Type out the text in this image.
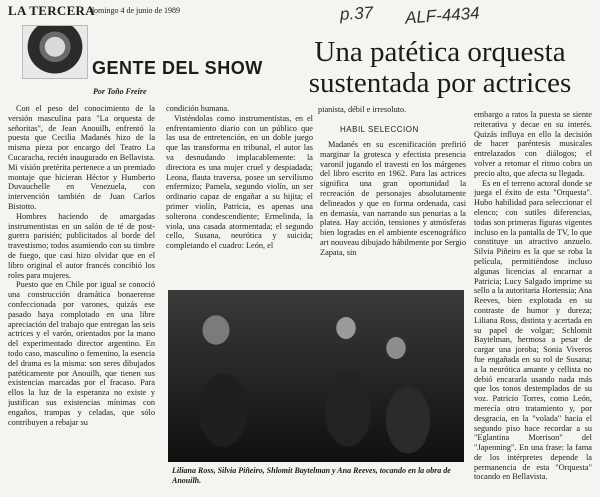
LA TERCERA
domingo 4 de junio de 1989	p.37 ALF-4434
GENTE DEL SHOW
Por Toño Freire
Una patética orquesta
sustentada por actrices

Con el peso del conocimiento de la versión masculina para "La orquesta de señoritas", de Jean Anouilh, enfrentó la puesta que Cecilia Madanés hizo de la misma pieza por encargo del Teatro La Cucaracha, recién inaugurado en Bellavista. Mi visión pretérita pertenece a un premiado montaje que hicieran Héctor y Humberto Duvauchelle en Venezuela, con intervención también de Juan Carlos Bistotto.

Hombres haciendo de amargadas instrumentistas en un salón de té de post-guerra parisién; publicitados al borde del travestismo; todos asumiendo con su timbre de fuego, que casi hizo olvidar que en el libro original el autor francés concibió los roles para mujeres.

Puesto que en Chile por igual se conoció una construcción dramática bonaerense confeccionada por varones, quizás ese pasado haya complotado en una libre apreciación del trabajo que entregan las seis actrices y el varón, orientados por la mano del experimentado director argentino. En todo caso, masculino o femenino, la esencia del drama es la misma: son seres dibujados patéticamente por Anouilh, que tienen sus existencias marcadas por el fracaso. Para ellos la luz de la esperanza no existe y justifican sus existencias mínimas con engaños, trampas y celadas, que sólo contribuyen a rebajar su

condición humana.

Visténdolas como instrumentistas, en el enfrentamiento diario con un público que las usa de entretención, en un doble juego que las transforma en tribunal, el autor las va desnudando implacablemente: la directora es una mujer cruel y despiadada; Leona, flauta traversa, posee un servilismo enfermizo; Pamela, segundo violín, un ser ordinario capaz de engañar a su hijita; el primer violín, Patricia, es apenas una solterona condescendiente; Ermelinda, la viola, una casada atormentada; el segundo cello, Susana, neurótica y suicida; completando el cuadro: León, el

pianista, débil e irresoluto.
HABIL SELECCION

Madanés en su escenificación prefirió marginar la grotesca y efectista presencia varonil jugando el travesti en los márgenes del libro escrito en 1962. Para las actrices significa una gran oportunidad la recreación de personajes absolutamente delineados y que en forma ordenada, casi en demasía, van narrando sus penurias a la platea. Hay acción, tensiones y atmósferas bien logradas en el ambiente escenográfico art nouveau dibujado hábilmente por Sergio Zapata, sin

embargo a ratos la puesta se siente reiterativa y decae en su interés. Quizás influya en ello la decisión de hacer paréntesis musicales entrelazados con diálogos; el volver a retomar el ritmo cobra un precio alto, que afecta su llegada.

Es en el terreno actoral donde se juega el éxito de esta "Orquesta". Hubo habilidad para seleccionar el elenco; con sutiles diferencias, todas son primeras figuras vigentes incluso en la pantalla de TV, lo que constituye un atractivo anzuelo. Silvia Piñeiro es la que se roba la película, permitiéndose incluso algunas licencias al encarnar a Patricia; Lucy Salgado imprime su sello a la autoritaria Hortensia; Ana Reeves, bien explotada en su contraste de humor y dureza; Liliana Ross, distinta y acertada en su papel de volgar; Schlomit Baytelman, hermosa a pesar de cargar una joroba; Sonia Viveros fue engañada en su rol de Susana; a la neurótica amante y cellista no debió encararla usando nada más que los tonos destemplados de su voz. Patricio Torres, como León, merecía otro tratamiento y, por desgracia, en la "volada" hacia el segundo piso hace recordar a su "Eglantina Morrison" del "Japenning". En una frase: la fama de los intérpretes depende la permanencia de esta "Orquesta" tocando en Bellavista.

Liliana Ross, Silvia Piñeiro, Shlomit Baytelman y Ana Reeves, tocando en la obra de Anouilh.
